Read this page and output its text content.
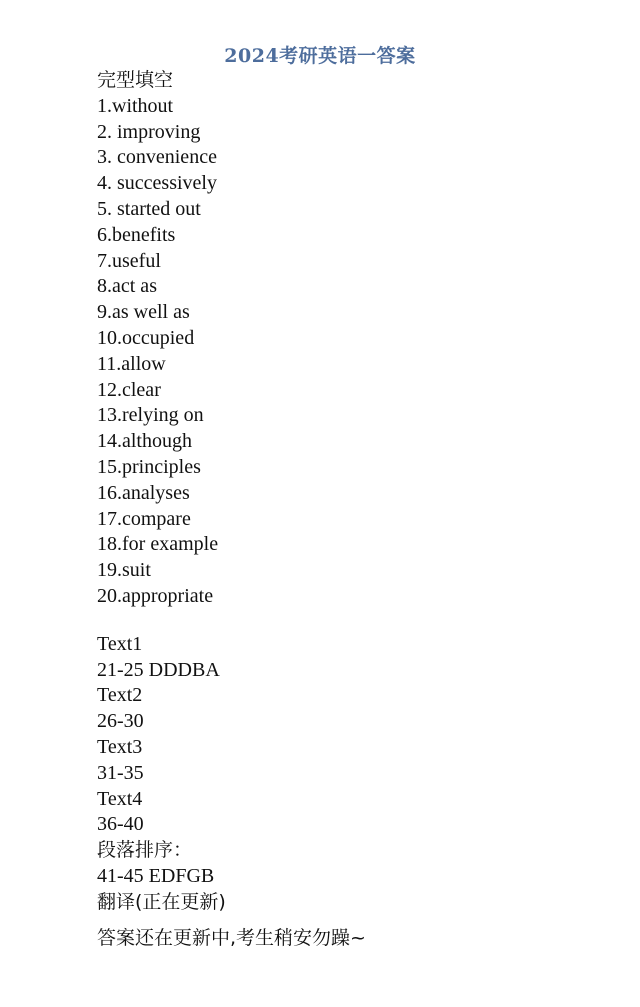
2024考研英语一答案
完型填空
1.without
2. improving
3. convenience
4. successively
5. started out
6.benefits
7.useful
8.act as
9.as well as
10.occupied
11.allow
12.clear
13.relying on
14.although
15.principles
16.analyses
17.compare
18.for example
19.suit
20.appropriate
Text1
21-25 DDDBA
Text2
26-30
Text3
31-35
Text4
36-40
段落排序：
41-45 EDFGB
翻译(正在更新)
答案还在更新中,考生稍安勿躁~
